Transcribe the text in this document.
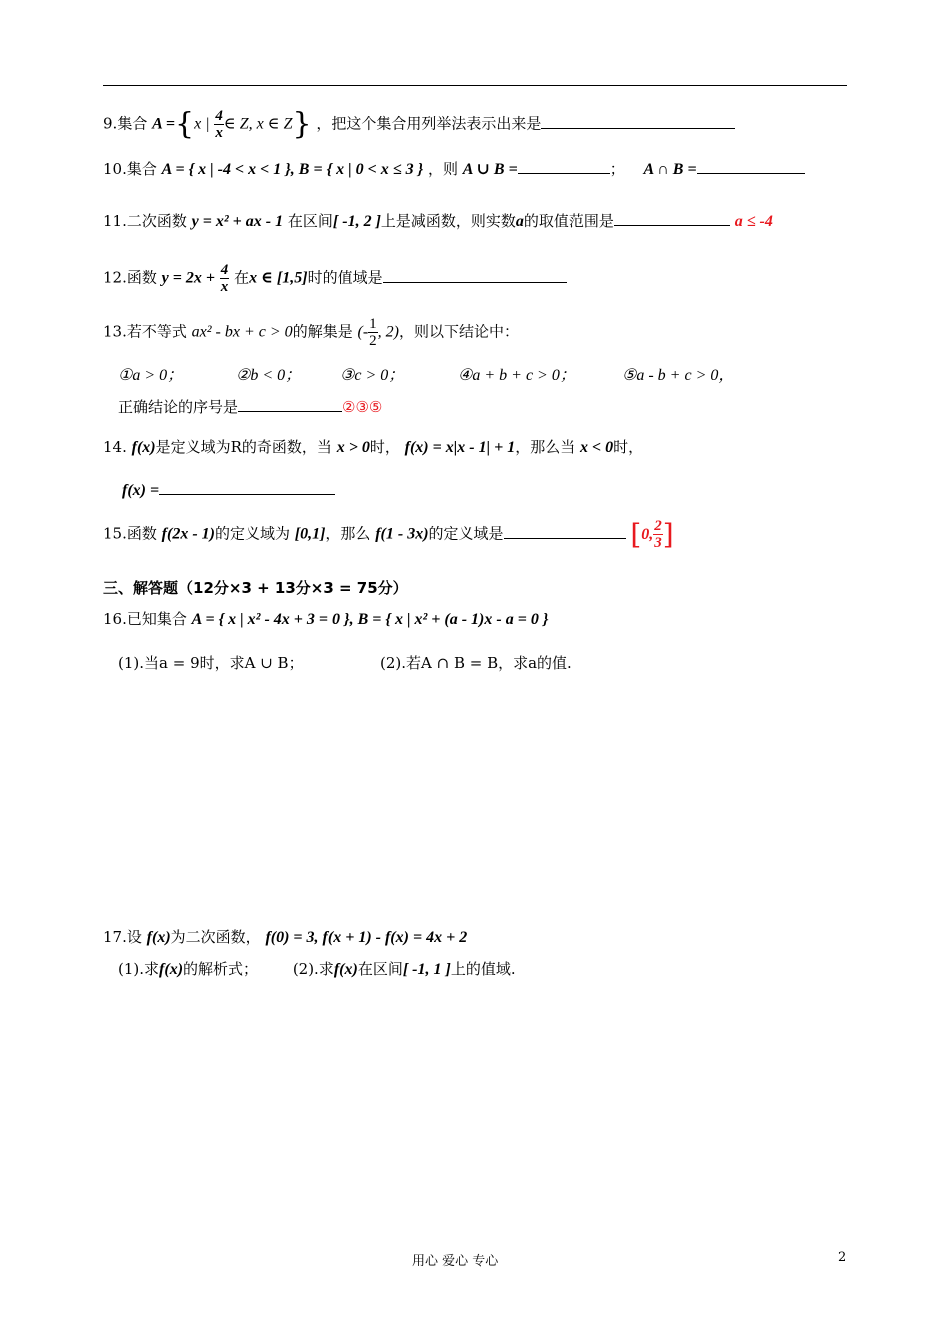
9.集合 A ={x | $\frac{4}{x}$ ∈ Z, x ∈ Z} ，把这个集合用列举法表示出来是
10.集合 A = { x | -4 < x < 1 }, B = { x | 0 < x ≤ 3 } ，则 A ∪ B =	； A ∩ B =
11.二次函数 y = x² + ax - 1 在区间[ -1, 2 ]上是减函数，则实数a的取值范围是	a ≤ -4
12.函数 $y = 2x + \frac{4}{x}$ 在x ∈ [1,5]时的值域是
13.若不等式 ax² - bx + c > 0的解集是 (- $\frac{1}{2}$ , 2)，则以下结论中：
①a > 0；	②b < 0； ③c > 0；	④a + b + c > 0；	⑤a - b + c > 0，
正确结论的序号是	②③⑤
14. f(x)是定义域为R的奇函数，当 x > 0时， f(x) = x|x - 1| + 1，那么当 x < 0时，
f(x) =
15.函数 f(2x - 1)的定义域为 [0,1]，那么 f(1 - 3x)的定义域是	[0, $\frac{2}{3}$ ]
三、解答题（12分×3 + 13分×3 = 75分）
16.已知集合 A = { x | x² - 4x + 3 = 0 }, B = { x | x² + (a - 1)x - a = 0 }
(1).当a = 9时，求A ∪ B；	(2).若A ∩ B = B，求a的值.
17.设 f(x)为二次函数， f(0) = 3, f(x + 1) - f(x) = 4x + 2
(1).求f(x)的解析式； (2).求f(x)在区间[ -1, 1 ]上的值域.
用心 爱心 专心	2
